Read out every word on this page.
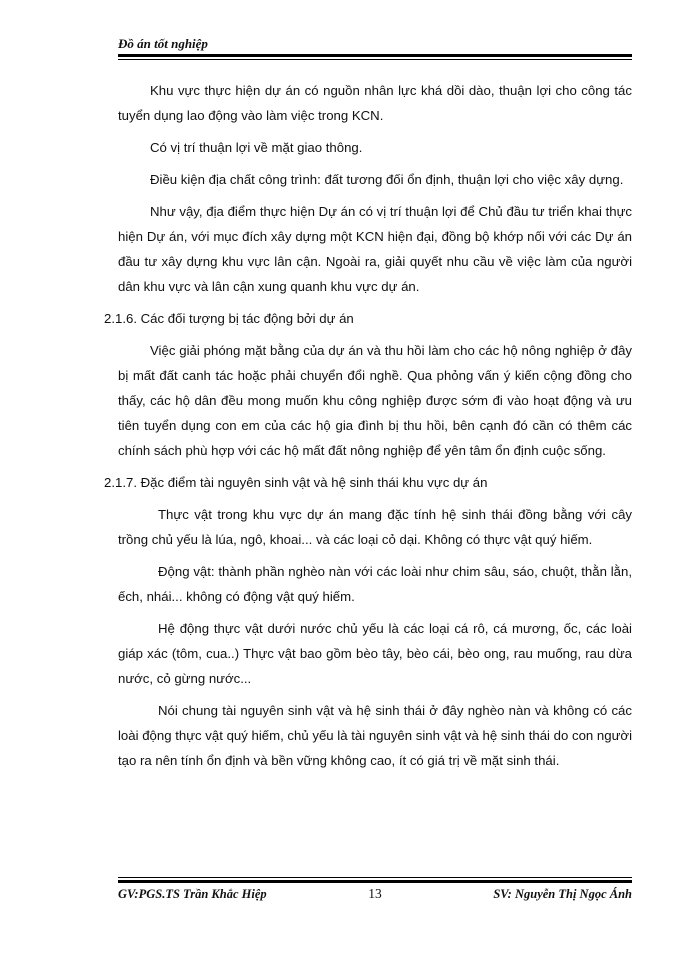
Đồ án tốt nghiệp

Khu vực thực hiện dự án có nguồn nhân lực khá dồi dào, thuận lợi cho công tác tuyển dụng lao động vào làm việc trong KCN.

Có vị trí thuận lợi về mặt giao thông.

Điều kiện địa chất công trình: đất tương đối ổn định, thuận lợi cho việc xây dựng.

Như vậy, địa điểm thực hiện Dự án có vị trí thuận lợi để Chủ đầu tư triển khai thực hiện Dự án, với mục đích xây dựng một KCN hiện đại, đồng bộ khớp nối với các Dự án đầu tư xây dựng khu vực lân cận. Ngoài ra, giải quyết nhu cầu về việc làm của người dân khu vực và lân cận xung quanh khu vực dự án.

2.1.6. Các đối tượng bị tác động bởi dự án

Việc giải phóng mặt bằng của dự án và thu hồi làm cho các hộ nông nghiệp ở đây bị mất đất canh tác hoặc phải chuyển đổi nghề. Qua phỏng vấn ý kiến cộng đồng cho thấy, các hộ dân đều mong muốn khu công nghiệp được sớm đi vào hoạt động và ưu tiên tuyển dụng con em của các hộ gia đình bị thu hồi, bên cạnh đó cần có thêm các chính sách phù hợp với các hộ mất đất nông nghiệp để yên tâm ổn định cuộc sống.

2.1.7. Đặc điểm tài nguyên sinh vật và hệ sinh thái khu vực dự án

Thực vật trong khu vực dự án mang đặc tính hệ sinh thái đồng bằng với cây trồng chủ yếu là lúa, ngô, khoai... và các loại cỏ dại. Không có thực vật quý hiếm.

Động vật: thành phần nghèo nàn với các loài như chim sâu, sáo, chuột, thằn lằn, ếch, nhái... không có động vật quý hiếm.

Hệ động thực vật dưới nước chủ yếu là các loại cá rô, cá mương, ốc, các loài giáp xác (tôm, cua..) Thực vật bao gồm bèo tây, bèo cái, bèo ong, rau muống, rau dừa nước, cỏ gừng nước...

Nói chung tài nguyên sinh vật và hệ sinh thái ở đây nghèo nàn và không có các loài động thực vật quý hiếm, chủ yếu là tài nguyên sinh vật và hệ sinh thái do con người tạo ra nên tính ổn định và bền vững không cao, ít có giá trị về mặt sinh thái.

GV:PGS.TS Trần Khắc Hiệp	13	SV: Nguyễn Thị Ngọc Ánh
